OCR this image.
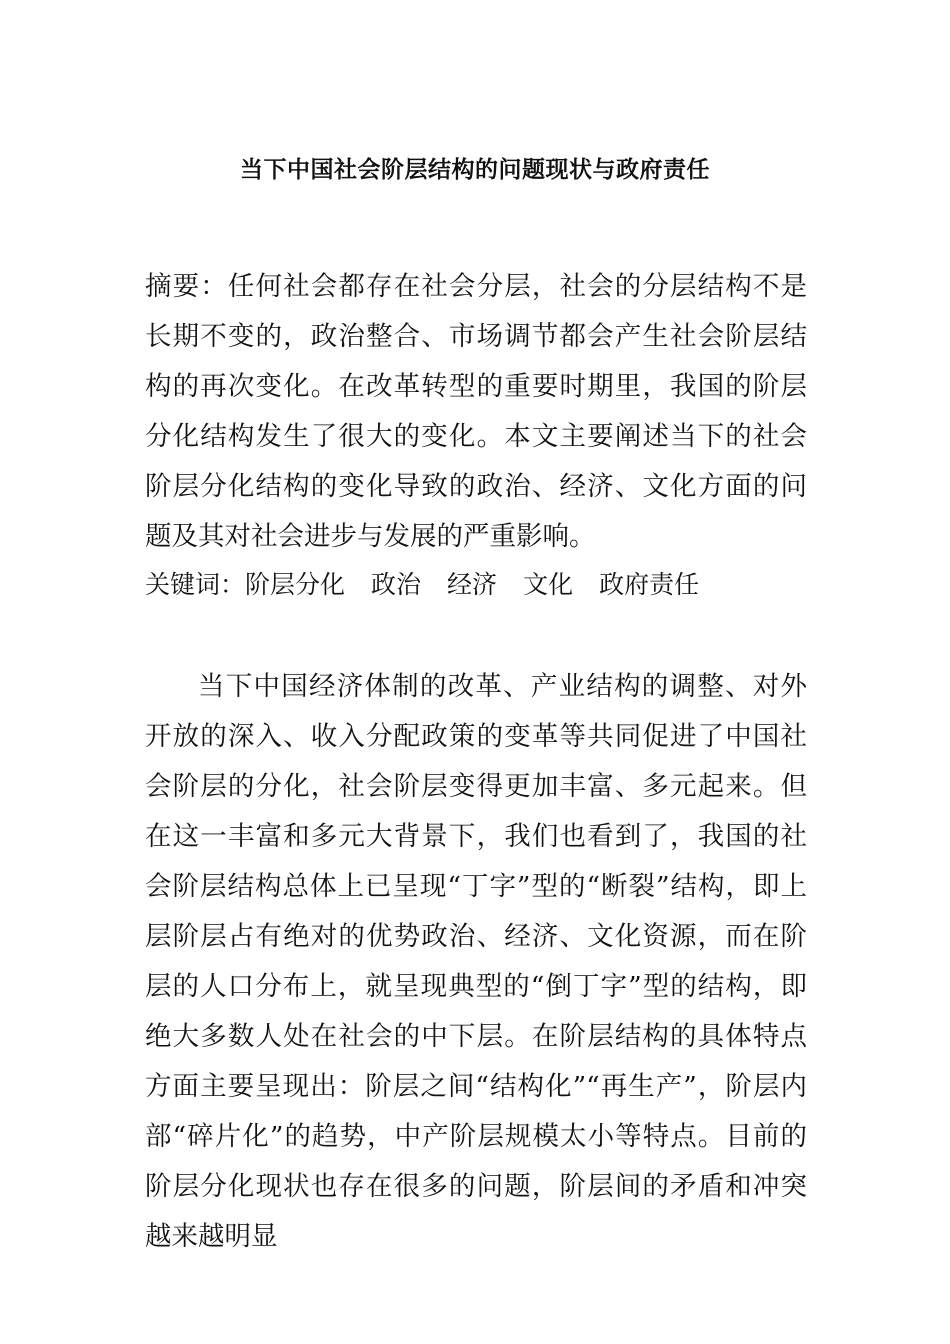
当下中国社会阶层结构的问题现状与政府责任
摘要：任何社会都存在社会分层，社会的分层结构不是长期不变的，政治整合、市场调节都会产生社会阶层结构的再次变化。在改革转型的重要时期里，我国的阶层分化结构发生了很大的变化。本文主要阐述当下的社会阶层分化结构的变化导致的政治、经济、文化方面的问题及其对社会进步与发展的严重影响。
关键词：阶层分化 政治 经济 文化 政府责任
当下中国经济体制的改革、产业结构的调整、对外开放的深入、收入分配政策的变革等共同促进了中国社会阶层的分化，社会阶层变得更加丰富、多元起来。但在这一丰富和多元大背景下，我们也看到了，我国的社会阶层结构总体上已呈现“丁字”型的“断裂”结构，即上层阶层占有绝对的优势政治、经济、文化资源，而在阶层的人口分布上，就呈现典型的“倒丁字”型的结构，即绝大多数人处在社会的中下层。在阶层结构的具体特点方面主要呈现出：阶层之间“结构化”“再生产”，阶层内部“碎片化”的趋势，中产阶层规模太小等特点。目前的阶层分化现状也存在很多的问题，阶层间的矛盾和冲突越来越明显
